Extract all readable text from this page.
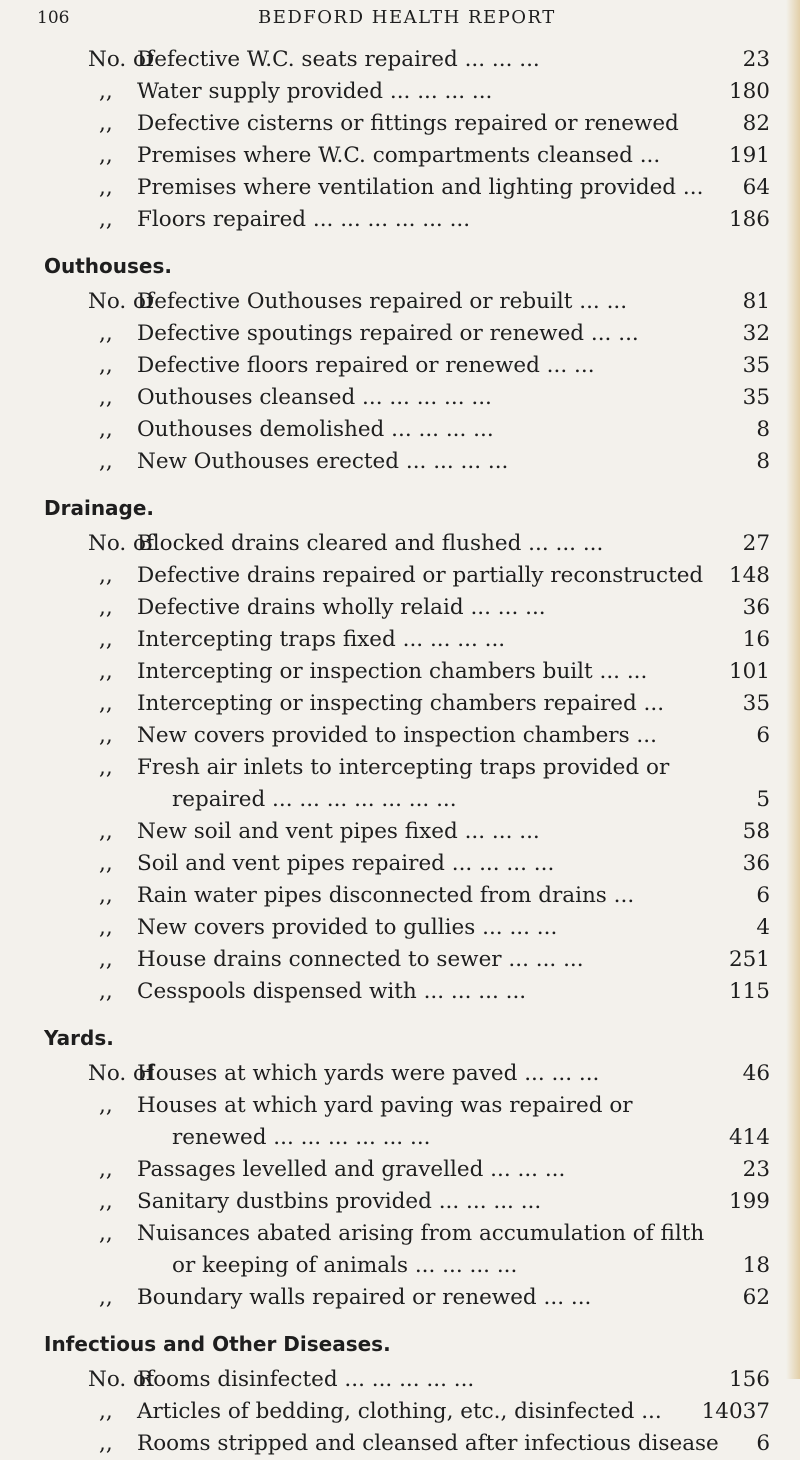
106	BEDFORD HEALTH REPORT
No. of
Defective W.C. seats repaired ... ... ...	23
,, Water supply provided ... ... ... ...	180
,, Defective cisterns or fittings repaired or renewed	82
,, Premises where W.C. compartments cleansed ...	191
,, Premises where ventilation and lighting provided ... 64
,, Floors repaired ... ... ... ... ... ...	186
Outhouses.
No. of
Defective Outhouses repaired or rebuilt ... ...	81
,, Defective spoutings repaired or renewed ... ...	32
,, Defective floors repaired or renewed ... ...	35
,, Outhouses cleansed ... ... ... ... ...	35
,, Outhouses demolished ... ... ... ...	8
,, New Outhouses erected ... ... ... ...	8
Drainage.
No. of
Blocked drains cleared and flushed ... ... ...	27
,, Defective drains repaired or partially reconstructed 148
,, Defective drains wholly relaid ... ... ...	36
,, Intercepting traps fixed ... ... ... ...	16
,, Intercepting or inspection chambers built ... ...	101
,, Intercepting or inspecting chambers repaired ...	35
,, New covers provided to inspection chambers ...	6
,, Fresh air inlets to intercepting traps provided or
repaired ... ... ... ... ... ... ...	5
,, New soil and vent pipes fixed ... ... ...	58
,, Soil and vent pipes repaired ... ... ... ...	36
,, Rain water pipes disconnected from drains ...	6
,, New covers provided to gullies ... ... ...	4
,, House drains connected to sewer ... ... ...	251
,, Cesspools dispensed with ... ... ... ...	115
Yards.
No. of
Houses at which yards were paved ... ... ...	46
,, Houses at which yard paving was repaired or
renewed ... ... ... ... ... ...	414
,, Passages levelled and gravelled ... ... ...	23
,, Sanitary dustbins provided ... ... ... ...	199
,, Nuisances abated arising from accumulation of filth
or keeping of animals ... ... ... ...	18
,, Boundary walls repaired or renewed ... ...	62
Infectious and Other Diseases.
No. of
Rooms disinfected ... ... ... ... ...	156
,, Articles of bedding, clothing, etc., disinfected ... 14037
,, Rooms stripped and cleansed after infectious disease 6
